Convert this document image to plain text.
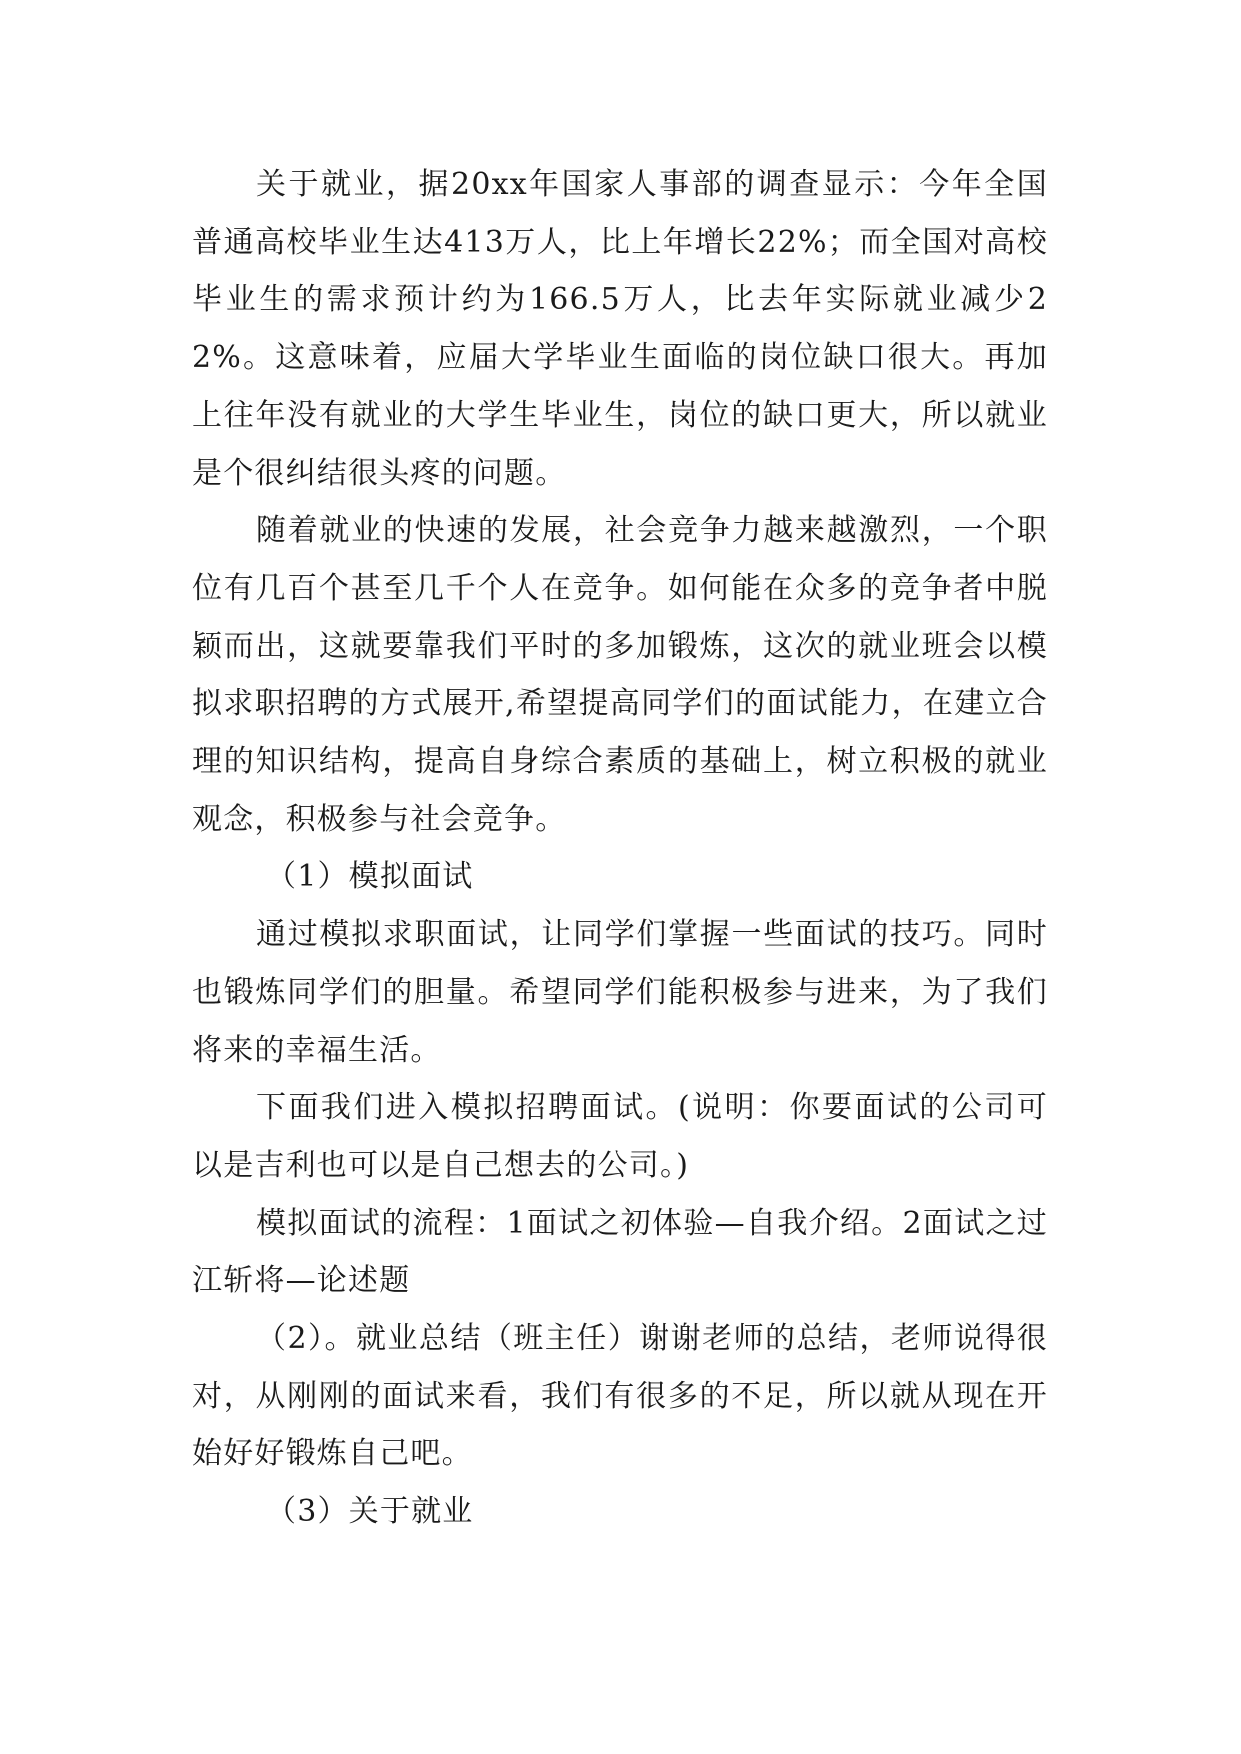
关于就业，据20xx年国家人事部的调查显示：今年全国普通高校毕业生达413万人，比上年增长22%；而全国对高校毕业生的需求预计约为166.5万人，比去年实际就业减少22%。这意味着，应届大学毕业生面临的岗位缺口很大。再加上往年没有就业的大学生毕业生，岗位的缺口更大，所以就业是个很纠结很头疼的问题。

随着就业的快速的发展，社会竞争力越来越激烈，一个职位有几百个甚至几千个人在竞争。如何能在众多的竞争者中脱颖而出，这就要靠我们平时的多加锻炼，这次的就业班会以模拟求职招聘的方式展开,希望提高同学们的面试能力，在建立合理的知识结构，提高自身综合素质的基础上，树立积极的就业观念，积极参与社会竞争。

（1）模拟面试

通过模拟求职面试，让同学们掌握一些面试的技巧。同时也锻炼同学们的胆量。希望同学们能积极参与进来，为了我们将来的幸福生活。

下面我们进入模拟招聘面试。(说明：你要面试的公司可以是吉利也可以是自己想去的公司。)

模拟面试的流程：1面试之初体验—自我介绍。2面试之过江斩将—论述题

（2）。就业总结（班主任）谢谢老师的总结，老师说得很对，从刚刚的面试来看，我们有很多的不足，所以就从现在开始好好锻炼自己吧。

（3）关于就业
